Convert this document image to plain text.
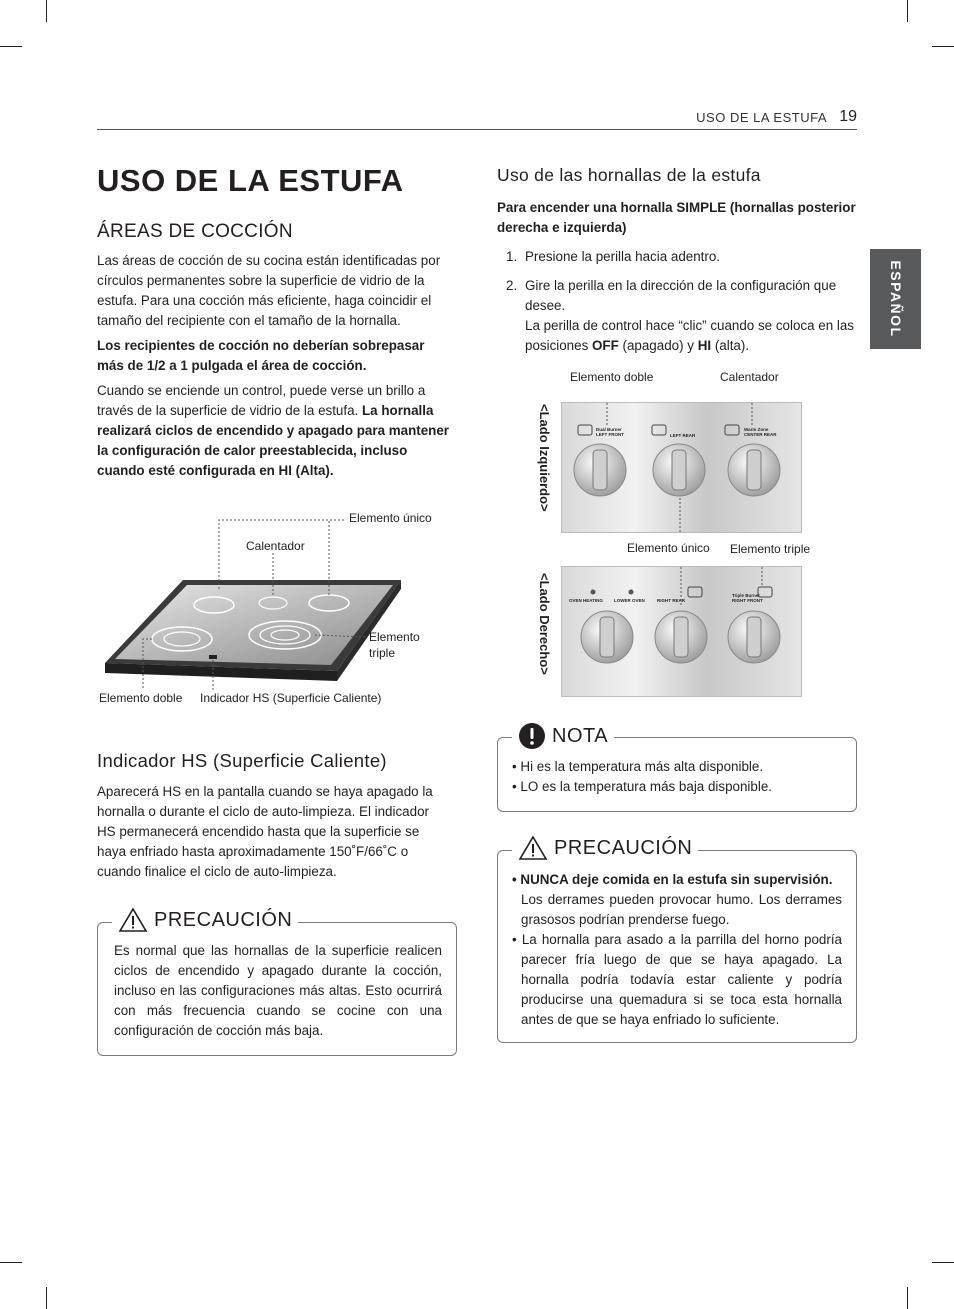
USO DE LA ESTUFA 19
ESPAÑOL
USO DE LA ESTUFA
ÁREAS DE COCCIÓN

Las áreas de cocción de su cocina están identificadas por círculos permanentes sobre la superficie de vidrio de la estufa. Para una cocción más eficiente, haga coincidir el tamaño del recipiente con el tamaño de la hornalla.

Los recipientes de cocción no deberían sobrepasar más de 1/2 a 1 pulgada el área de cocción.

Cuando se enciende un control, puede verse un brillo a través de la superficie de vidrio de la estufa. La hornalla realizará ciclos de encendido y apagado para mantener la configuración de calor preestablecida, incluso cuando esté configurada en HI (Alta).

Elemento único
Calentador
Elemento triple
Elemento doble Indicador HS (Superficie Caliente)
Indicador HS (Superficie Caliente)

Aparecerá HS en la pantalla cuando se haya apagado la hornalla o durante el ciclo de auto-limpieza. El indicador HS permanecerá encendido hasta que la superficie se haya enfriado hasta aproximadamente 150˚F/66˚C o cuando finalice el ciclo de auto-limpieza.

PRECAUCIÓN
Es normal que las hornallas de la superficie realicen ciclos de encendido y apagado durante la cocción, incluso en las configuraciones más altas. Esto ocurrirá con más frecuencia cuando se cocine con una configuración de cocción más baja.
Uso de las hornallas de la estufa

Para encender una hornalla SIMPLE (hornallas posterior derecha e izquierda)

1. Presione la perilla hacia adentro.
2. Gire la perilla en la dirección de la configuración que desee.
La perilla de control hace “clic” cuando se coloca en las posiciones OFF (apagado) y HI (alta).
Elemento doble	Calentador
Elemento único Elemento triple
<Lado Izquierdo>
<Lado Derecho>
Dual Burner LEFT FRONT	LEFT REAR
Warm Zone CENTER REAR
OVEN HEATING LOWER OVEN	RIGHT REAR
Triple Burner RIGHT FRONT
NOTA
• Hi es la temperatura más alta disponible.
• LO es la temperatura más baja disponible.
PRECAUCIÓN
• NUNCA deje comida en la estufa sin supervisión.
Los derrames pueden provocar humo. Los derrames grasosos podrían prenderse fuego.
• La hornalla para asado a la parrilla del horno podría parecer fría luego de que se haya apagado. La hornalla podría todavía estar caliente y podría producirse una quemadura si se toca esta hornalla antes de que se haya enfriado lo suficiente.
